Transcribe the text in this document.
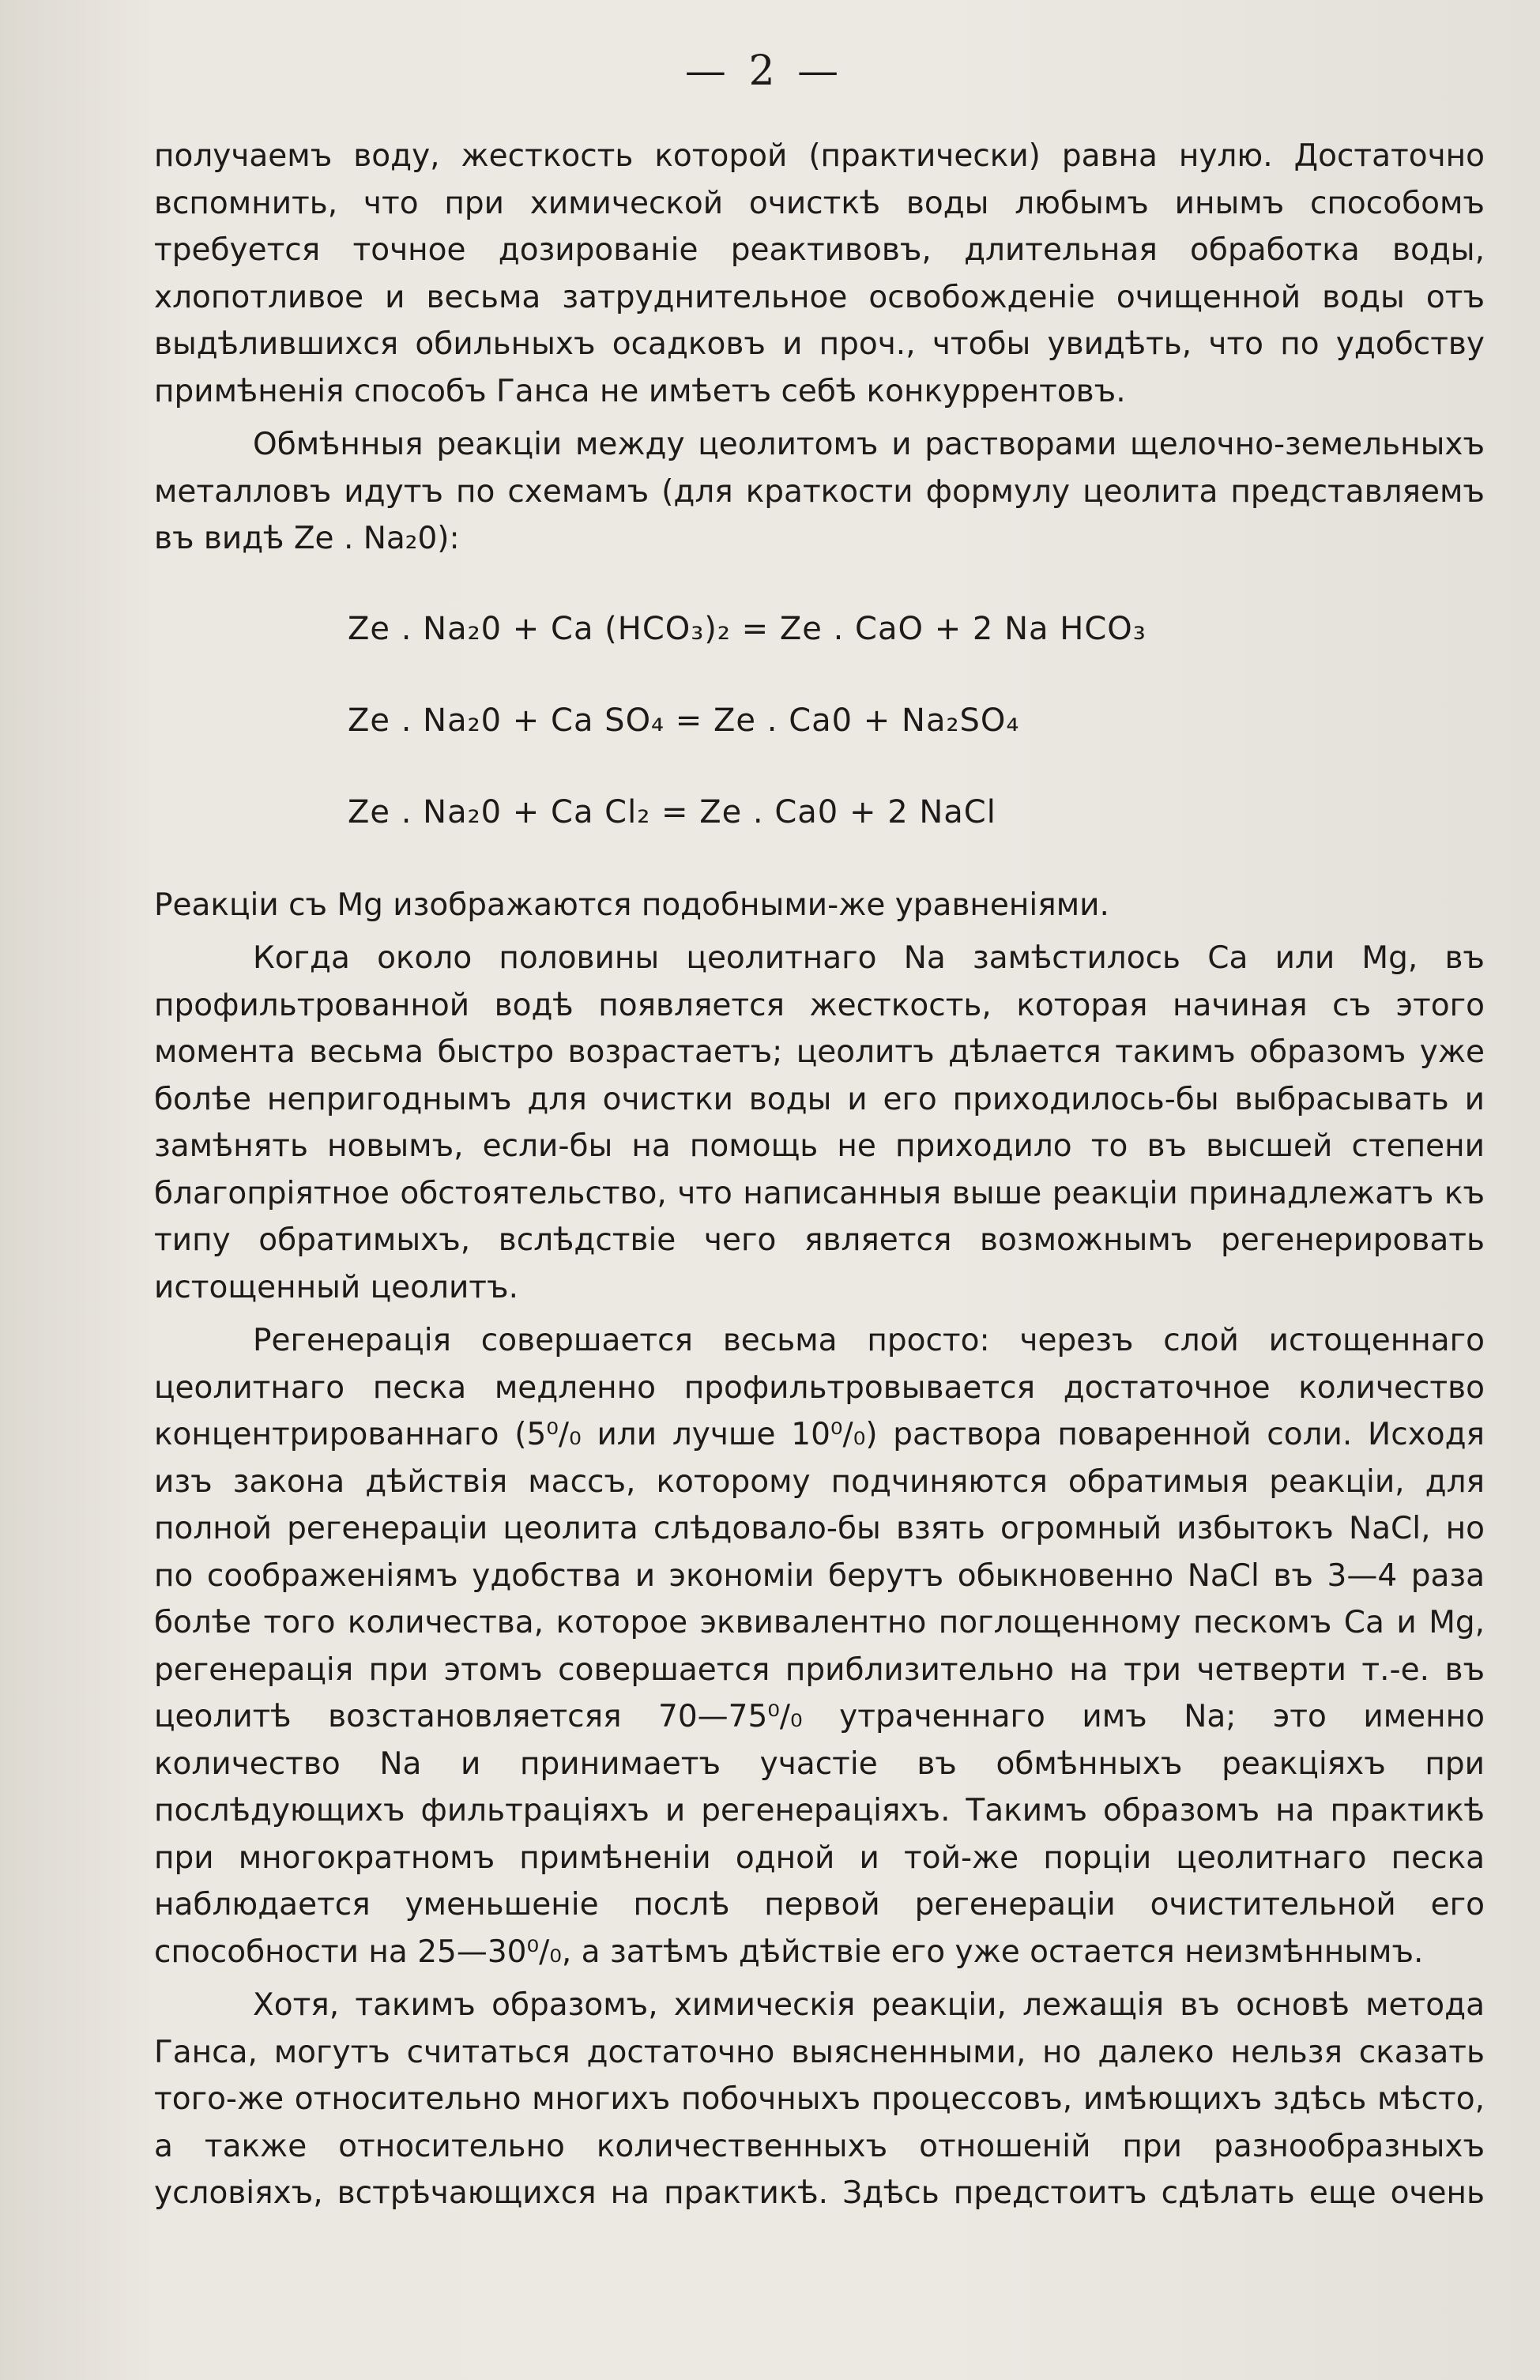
— 2 —

получаемъ воду, жесткость которой (практически) равна нулю. Достаточно вспомнить, что при химической очисткѣ воды любымъ инымъ способомъ требуется точное дозированіе реактивовъ, длительная обработка воды, хлопотливое и весьма затруднительное освобожденіе очищенной воды отъ выдѣлившихся обильныхъ осадковъ и проч., чтобы увидѣть, что по удобству примѣненія способъ Ганса не имѣетъ себѣ конкуррентовъ.

Обмѣнныя реакціи между цеолитомъ и растворами щелочно-земельныхъ металловъ идутъ по схемамъ (для краткости формулу цеолита представляемъ въ видѣ Ze . Na₂0):

Ze . Na₂0 + Ca (HCO₃)₂ = Ze . CaO + 2 Na HCO₃
Ze . Na₂0 + Ca SO₄ = Ze . Ca0 + Na₂SO₄
Ze . Na₂0 + Ca Cl₂ = Ze . Ca0 + 2 NaCl

Реакціи съ Mg изображаются подобными-же уравненіями.

Когда около половины цеолитнаго Na замѣстилось Ca или Mg, въ профильтрованной водѣ появляется жесткость, которая начиная съ этого момента весьма быстро возрастаетъ; цеолитъ дѣлается такимъ образомъ уже болѣе непригоднымъ для очистки воды и его приходилось-бы выбрасывать и замѣнять новымъ, если-бы на помощь не приходило то въ высшей степени благопріятное обстоятельство, что написанныя выше реакціи принадлежатъ къ типу обратимыхъ, вслѣдствіе чего является возможнымъ регенерировать истощенный цеолитъ.

Регенерація совершается весьма просто: черезъ слой истощеннаго цеолитнаго песка медленно профильтровывается достаточное количество концентрированнаго (5⁰/₀ или лучше 10⁰/₀) раствора поваренной соли. Исходя изъ закона дѣйствія массъ, которому подчиняются обратимыя реакціи, для полной регенераціи цеолита слѣдовало-бы взять огромный избытокъ NaCl, но по соображеніямъ удобства и экономіи берутъ обыкновенно NaCl въ 3—4 раза болѣе того количества, которое эквивалентно поглощенному пескомъ Ca и Mg, регенерація при этомъ совершается приблизительно на три четверти т.-е. въ цеолитѣ возстановляетсяя 70—75⁰/₀ утраченнаго имъ Na; это именно количество Na и принимаетъ участіе въ обмѣнныхъ реакціяхъ при послѣдующихъ фильтраціяхъ и регенераціяхъ. Такимъ образомъ на практикѣ при многократномъ примѣненіи одной и той-же порціи цеолитнаго песка наблюдается уменьшеніе послѣ первой регенераціи очистительной его способности на 25—30⁰/₀, а затѣмъ дѣйствіе его уже остается неизмѣннымъ.

Хотя, такимъ образомъ, химическія реакціи, лежащія въ основѣ метода Ганса, могутъ считаться достаточно выясненными, но далеко нельзя сказать того-же относительно многихъ побочныхъ процессовъ, имѣющихъ здѣсь мѣсто, а также относительно количественныхъ отношеній при разнообразныхъ условіяхъ, встрѣчающихся на практикѣ. Здѣсь предстоитъ сдѣлать еще очень
